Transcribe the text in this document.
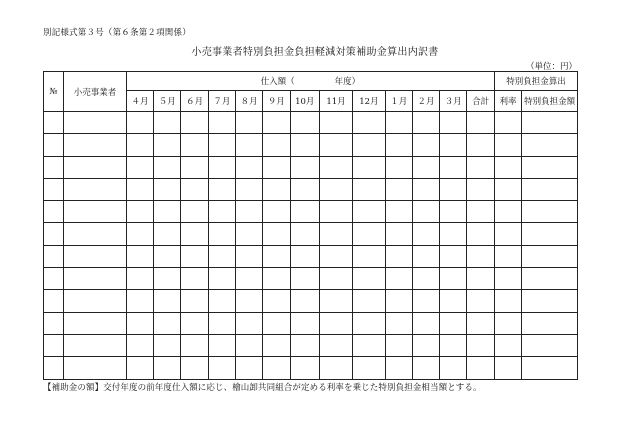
別記様式第３号（第６条第２項関係）
小売事業者特別負担金負担軽減対策補助金算出内訳書
（単位：円）
№	小売事業者	仕入額（ 年度）													特別負担金算出	
		４月	５月	６月	７月	８月	９月	10月	11月	12月	１月	２月	３月	合計	利率	特別負担金額

【補助金の額】交付年度の前年度仕入額に応じ、檜山卸共同組合が定める利率を乗じた特別負担金相当額とする。
